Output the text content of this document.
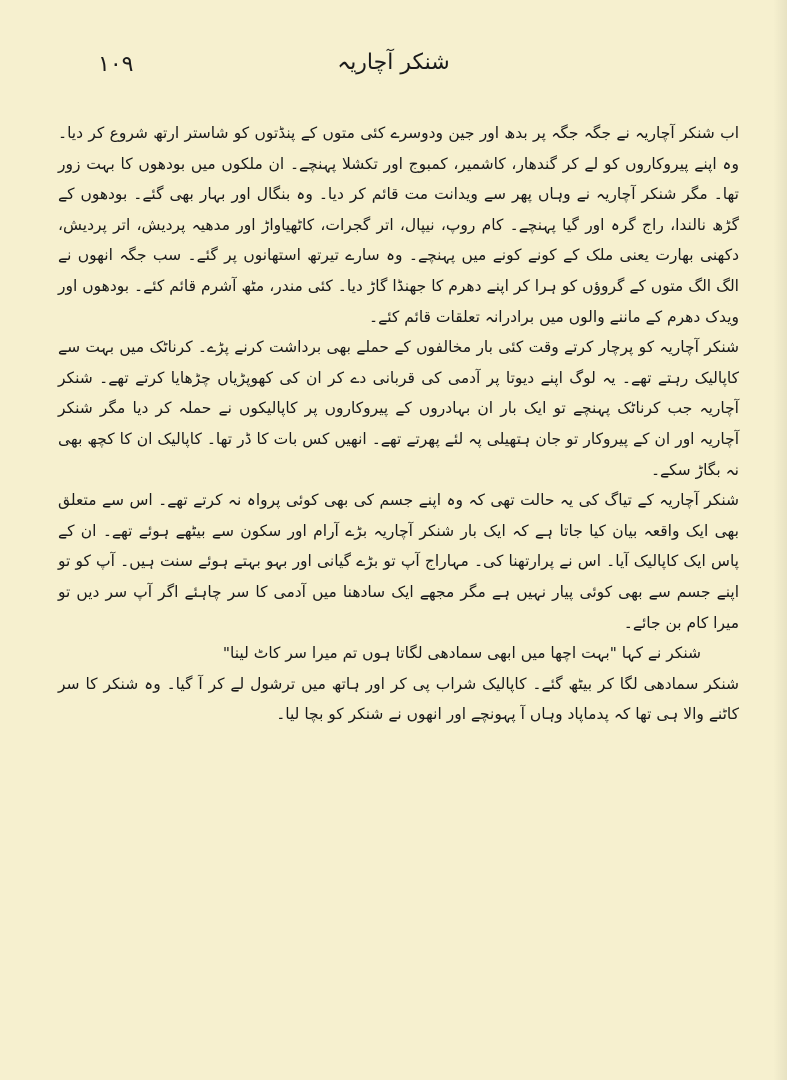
۱۰۹	شنکر آچاریہ

اب شنکر آچاریہ نے جگہ جگہ پر بدھ اور جین ودوسرے کئی متوں کے پنڈتوں کو شاستر ارتھ شروع کر دیا۔ وہ اپنے پیروکاروں کو لے کر گندھار، کاشمیر، کمبوج اور تکشلا پہنچے۔ ان ملکوں میں بودھوں کا بہت زور تھا۔ مگر شنکر آچاریہ نے وہاں پھر سے ویدانت مت قائم کر دیا۔ وہ بنگال اور بہار بھی گئے۔ بودھوں کے گڑھ نالندا، راج گرہ اور گیا پہنچے۔ کام روپ، نیپال، اتر گجرات، کاٹھیاواڑ اور مدھیہ پردیش، اتر پردیش، دکھنی بھارت یعنی ملک کے کونے کونے میں پہنچے۔ وہ سارے تیرتھ استھانوں پر گئے۔ سب جگہ انھوں نے الگ الگ متوں کے گروؤں کو ہرا کر اپنے دھرم کا جھنڈا گاڑ دیا۔ کئی مندر، مٹھ آشرم قائم کئے۔ بودھوں اور ویدک دھرم کے ماننے والوں میں برادرانہ تعلقات قائم کئے۔

شنکر آچاریہ کو پرچار کرتے وقت کئی بار مخالفوں کے حملے بھی برداشت کرنے پڑے۔ کرناٹک میں بہت سے کاپالیک رہتے تھے۔ یہ لوگ اپنے دیوتا پر آدمی کی قربانی دے کر ان کی کھوپڑیاں چڑھایا کرتے تھے۔ شنکر آچاریہ جب کرناٹک پہنچے تو ایک بار ان بہادروں کے پیروکاروں پر کاپالیکوں نے حملہ کر دیا مگر شنکر آچاریہ اور ان کے پیروکار تو جان ہتھیلی پہ لئے پھرتے تھے۔ انھیں کس بات کا ڈر تھا۔ کاپالیک ان کا کچھ بھی نہ بگاڑ سکے۔

شنکر آچاریہ کے تیاگ کی یہ حالت تھی کہ وہ اپنے جسم کی بھی کوئی پرواہ نہ کرتے تھے۔ اس سے متعلق بھی ایک واقعہ بیان کیا جاتا ہے کہ ایک بار شنکر آچاریہ بڑے آرام اور سکون سے بیٹھے ہوئے تھے۔ ان کے پاس ایک کاپالیک آیا۔ اس نے پرارتھنا کی۔ مہاراج آپ تو بڑے گیانی اور بہو بہتے ہوئے سنت ہیں۔ آپ کو تو اپنے جسم سے بھی کوئی پیار نہیں ہے مگر مجھے ایک سادھنا میں آدمی کا سر چاہئے اگر آپ سر دیں تو میرا کام بن جائے۔

شنکر نے کہا "بہت اچھا میں ابھی سمادھی لگاتا ہوں تم میرا سر کاٹ لینا"

شنکر سمادھی لگا کر بیٹھ گئے۔ کاپالیک شراب پی کر اور ہاتھ میں ترشول لے کر آ گیا۔ وہ شنکر کا سر کاٹنے والا ہی تھا کہ پدماپاد وہاں آ پہونچے اور انھوں نے شنکر کو بچا لیا۔
